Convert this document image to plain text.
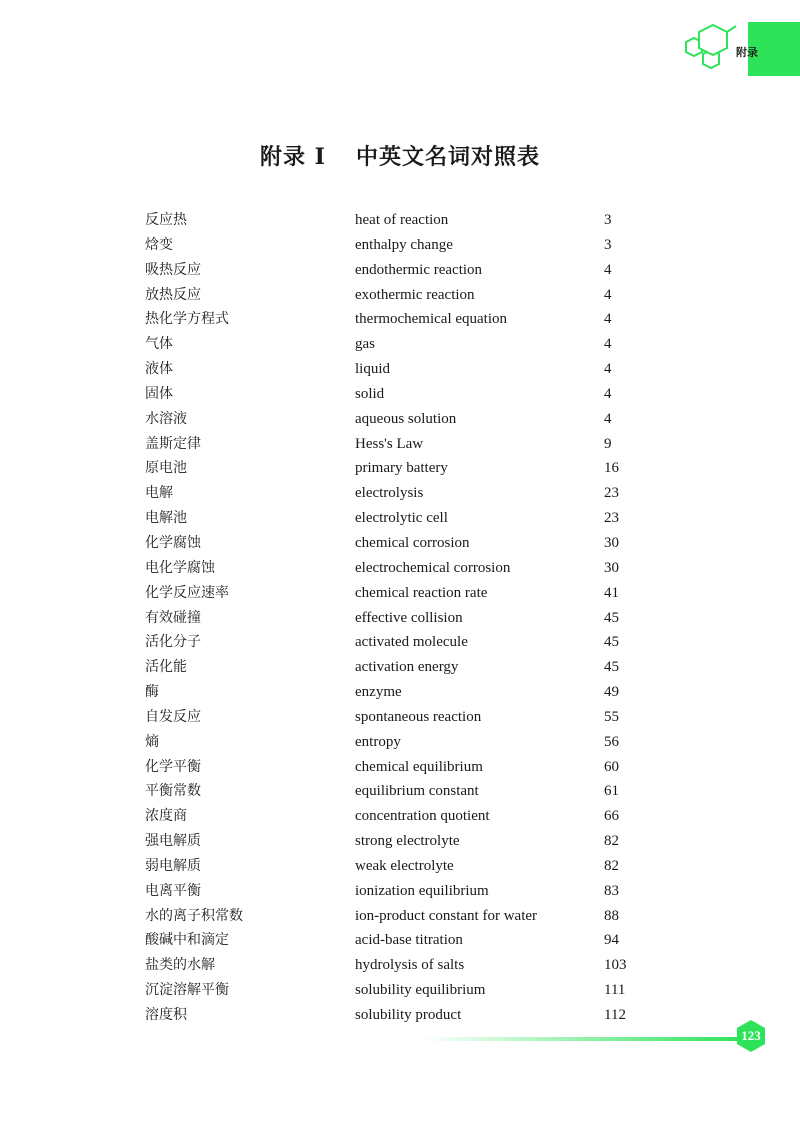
附录
附录 I 中英文名词对照表
反应热	heat of reaction	3
焓变	enthalpy change	3
吸热反应	endothermic reaction	4
放热反应	exothermic reaction	4
热化学方程式	thermochemical equation	4
气体	gas	4
液体	liquid	4
固体	solid	4
水溶液	aqueous solution	4
盖斯定律	Hess's Law	9
原电池	primary battery	16
电解	electrolysis	23
电解池	electrolytic cell	23
化学腐蚀	chemical corrosion	30
电化学腐蚀	electrochemical corrosion	30
化学反应速率	chemical reaction rate	41
有效碰撞	effective collision	45
活化分子	activated molecule	45
活化能	activation energy	45
酶	enzyme	49
自发反应	spontaneous reaction	55
熵	entropy	56
化学平衡	chemical equilibrium	60
平衡常数	equilibrium constant	61
浓度商	concentration quotient	66
强电解质	strong electrolyte	82
弱电解质	weak electrolyte	82
电离平衡	ionization equilibrium	83
水的离子积常数	ion-product constant for water	88
酸碱中和滴定	acid-base titration	94
盐类的水解	hydrolysis of salts	103
沉淀溶解平衡	solubility equilibrium	111
溶度积	solubility product	112
123
